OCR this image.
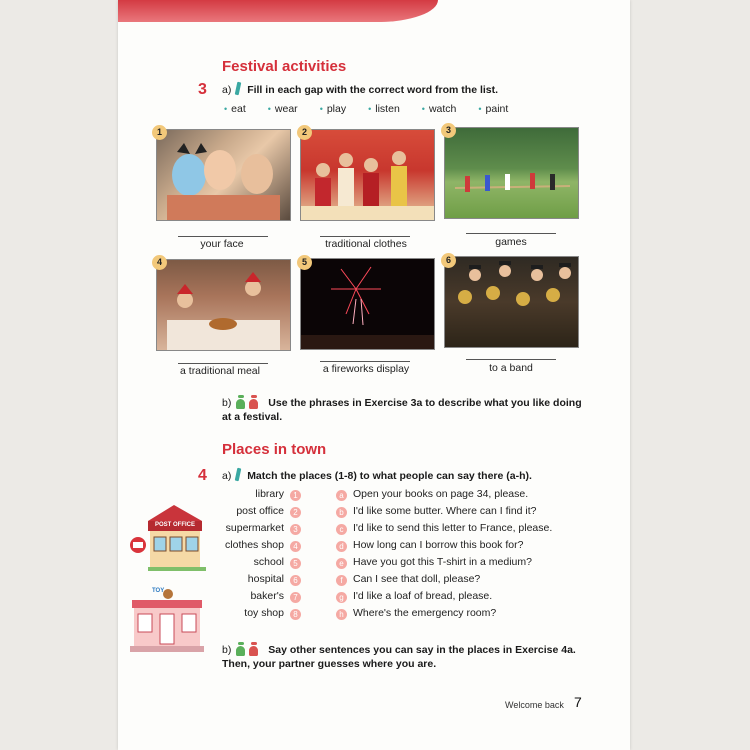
Festival activities
3 a) Fill in each gap with the correct word from the list.
• eat	• wear	• play	• listen	• watch	• paint
1	2	3
your face	traditional clothes	games
4	5	6
a traditional meal	a fireworks display	to a band
b)	Use the phrases in Exercise 3a to describe what you like doing
at a festival.
Places in town
4 a) Match the places (1-8) to what people can say there (a-h).
library	1	a Open your books on page 34, please.
post office	2	b I'd like some butter. Where can I find it?
supermarket	3	c I'd like to send this letter to France, please.
clothes shop	4	d How long can I borrow this book for?
school	5	e Have you got this T-shirt in a medium?
hospital	6	f Can I see that doll, please?
baker's	7	g I'd like a loaf of bread, please.
toy shop	8	h Where's the emergency room?
POST OFFICE
TOY
b)	Say other sentences you can say in the places in Exercise 4a.
Then, your partner guesses where you are.
Welcome back 7
